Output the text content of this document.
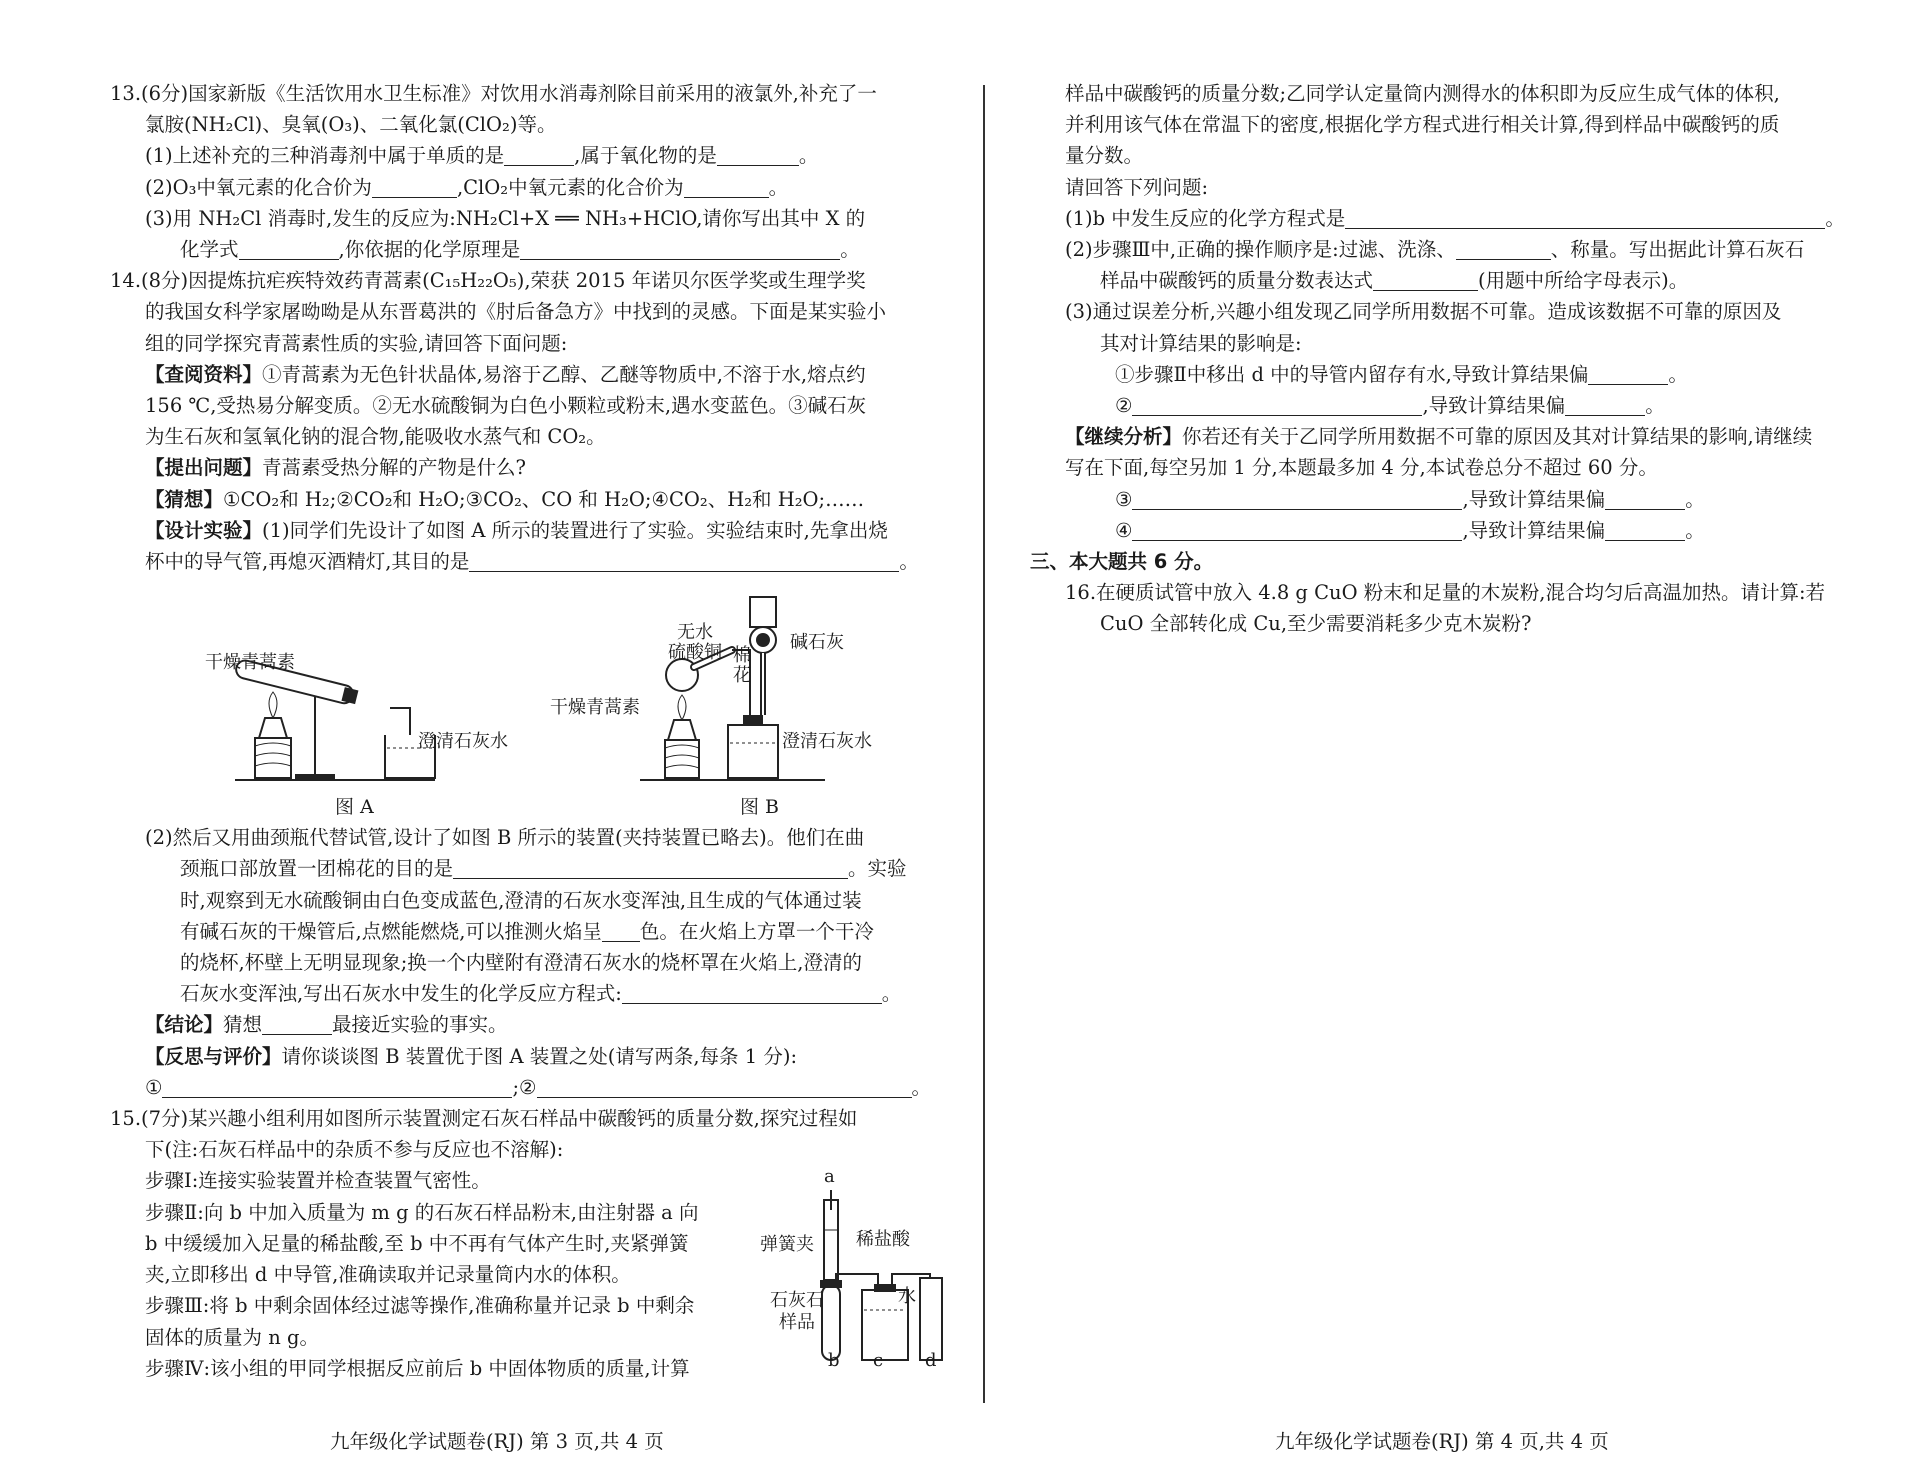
13.(6分)国家新版《生活饮用水卫生标准》对饮用水消毒剂除目前采用的液氯外,补充了一
氯胺(NH₂Cl)、臭氧(O₃)、二氧化氯(ClO₂)等。
(1)上述补充的三种消毒剂中属于单质的是	,属于氧化物的是	。
(2)O₃中氧元素的化合价为	,ClO₂中氧元素的化合价为	。
(3)用 NH₂Cl 消毒时,发生的反应为:NH₂Cl+X ══ NH₃+HClO,请你写出其中 X 的
化学式	,你依据的化学原理是	。
14.(8分)因提炼抗疟疾特效药青蒿素(C₁₅H₂₂O₅),荣获 2015 年诺贝尔医学奖或生理学奖
的我国女科学家屠呦呦是从东晋葛洪的《肘后备急方》中找到的灵感。下面是某实验小
组的同学探究青蒿素性质的实验,请回答下面问题:
【查阅资料】①青蒿素为无色针状晶体,易溶于乙醇、乙醚等物质中,不溶于水,熔点约
156 ℃,受热易分解变质。②无水硫酸铜为白色小颗粒或粉末,遇水变蓝色。③碱石灰
为生石灰和氢氧化钠的混合物,能吸收水蒸气和 CO₂。
【提出问题】青蒿素受热分解的产物是什么?
【猜想】①CO₂和 H₂;②CO₂和 H₂O;③CO₂、CO 和 H₂O;④CO₂、H₂和 H₂O;……
【设计实验】(1)同学们先设计了如图 A 所示的装置进行了实验。实验结束时,先拿出烧
杯中的导气管,再熄灭酒精灯,其目的是	。
(2)然后又用曲颈瓶代替试管,设计了如图 B 所示的装置(夹持装置已略去)。他们在曲
颈瓶口部放置一团棉花的目的是	。实验
时,观察到无水硫酸铜由白色变成蓝色,澄清的石灰水变浑浊,且生成的气体通过装
有碱石灰的干燥管后,点燃能燃烧,可以推测火焰呈 色。在火焰上方罩一个干冷
的烧杯,杯壁上无明显现象;换一个内壁附有澄清石灰水的烧杯罩在火焰上,澄清的
石灰水变浑浊,写出石灰水中发生的化学反应方程式:	。
【结论】猜想	最接近实验的事实。
【反思与评价】请你谈谈图 B 装置优于图 A 装置之处(请写两条,每条 1 分):
①	;②	。
15.(7分)某兴趣小组利用如图所示装置测定石灰石样品中碳酸钙的质量分数,探究过程如
下(注:石灰石样品中的杂质不参与反应也不溶解):
步骤Ⅰ:连接实验装置并检查装置气密性。
步骤Ⅱ:向 b 中加入质量为 m g 的石灰石样品粉末,由注射器 a 向
b 中缓缓加入足量的稀盐酸,至 b 中不再有气体产生时,夹紧弹簧
夹,立即移出 d 中导管,准确读取并记录量筒内水的体积。
步骤Ⅲ:将 b 中剩余固体经过滤等操作,准确称量并记录 b 中剩余
固体的质量为 n g。
步骤Ⅳ:该小组的甲同学根据反应前后 b 中固体物质的质量,计算
干燥青蒿素
澄清石灰水
图 A
无水
硫酸铜 棉花
碱石灰
干燥青蒿素
澄清石灰水
图 B
a
弹簧夹 稀盐酸
水
石灰石
样品
b c d
样品中碳酸钙的质量分数;乙同学认定量筒内测得水的体积即为反应生成气体的体积,
并利用该气体在常温下的密度,根据化学方程式进行相关计算,得到样品中碳酸钙的质
量分数。
请回答下列问题:
(1)b 中发生反应的化学方程式是	。
(2)步骤Ⅲ中,正确的操作顺序是:过滤、洗涤、	、称量。写出据此计算石灰石
样品中碳酸钙的质量分数表达式	(用题中所给字母表示)。
(3)通过误差分析,兴趣小组发现乙同学所用数据不可靠。造成该数据不可靠的原因及
其对计算结果的影响是:
①步骤Ⅱ中移出 d 中的导管内留存有水,导致计算结果偏	。
②	,导致计算结果偏	。
【继续分析】你若还有关于乙同学所用数据不可靠的原因及其对计算结果的影响,请继续
写在下面,每空另加 1 分,本题最多加 4 分,本试卷总分不超过 60 分。
③	,导致计算结果偏	。
④	,导致计算结果偏	。
三、本大题共 6 分。
16.在硬质试管中放入 4.8 g CuO 粉末和足量的木炭粉,混合均匀后高温加热。请计算:若
CuO 全部转化成 Cu,至少需要消耗多少克木炭粉?
九年级化学试题卷(RJ) 第 3 页,共 4 页	九年级化学试题卷(RJ) 第 4 页,共 4 页
